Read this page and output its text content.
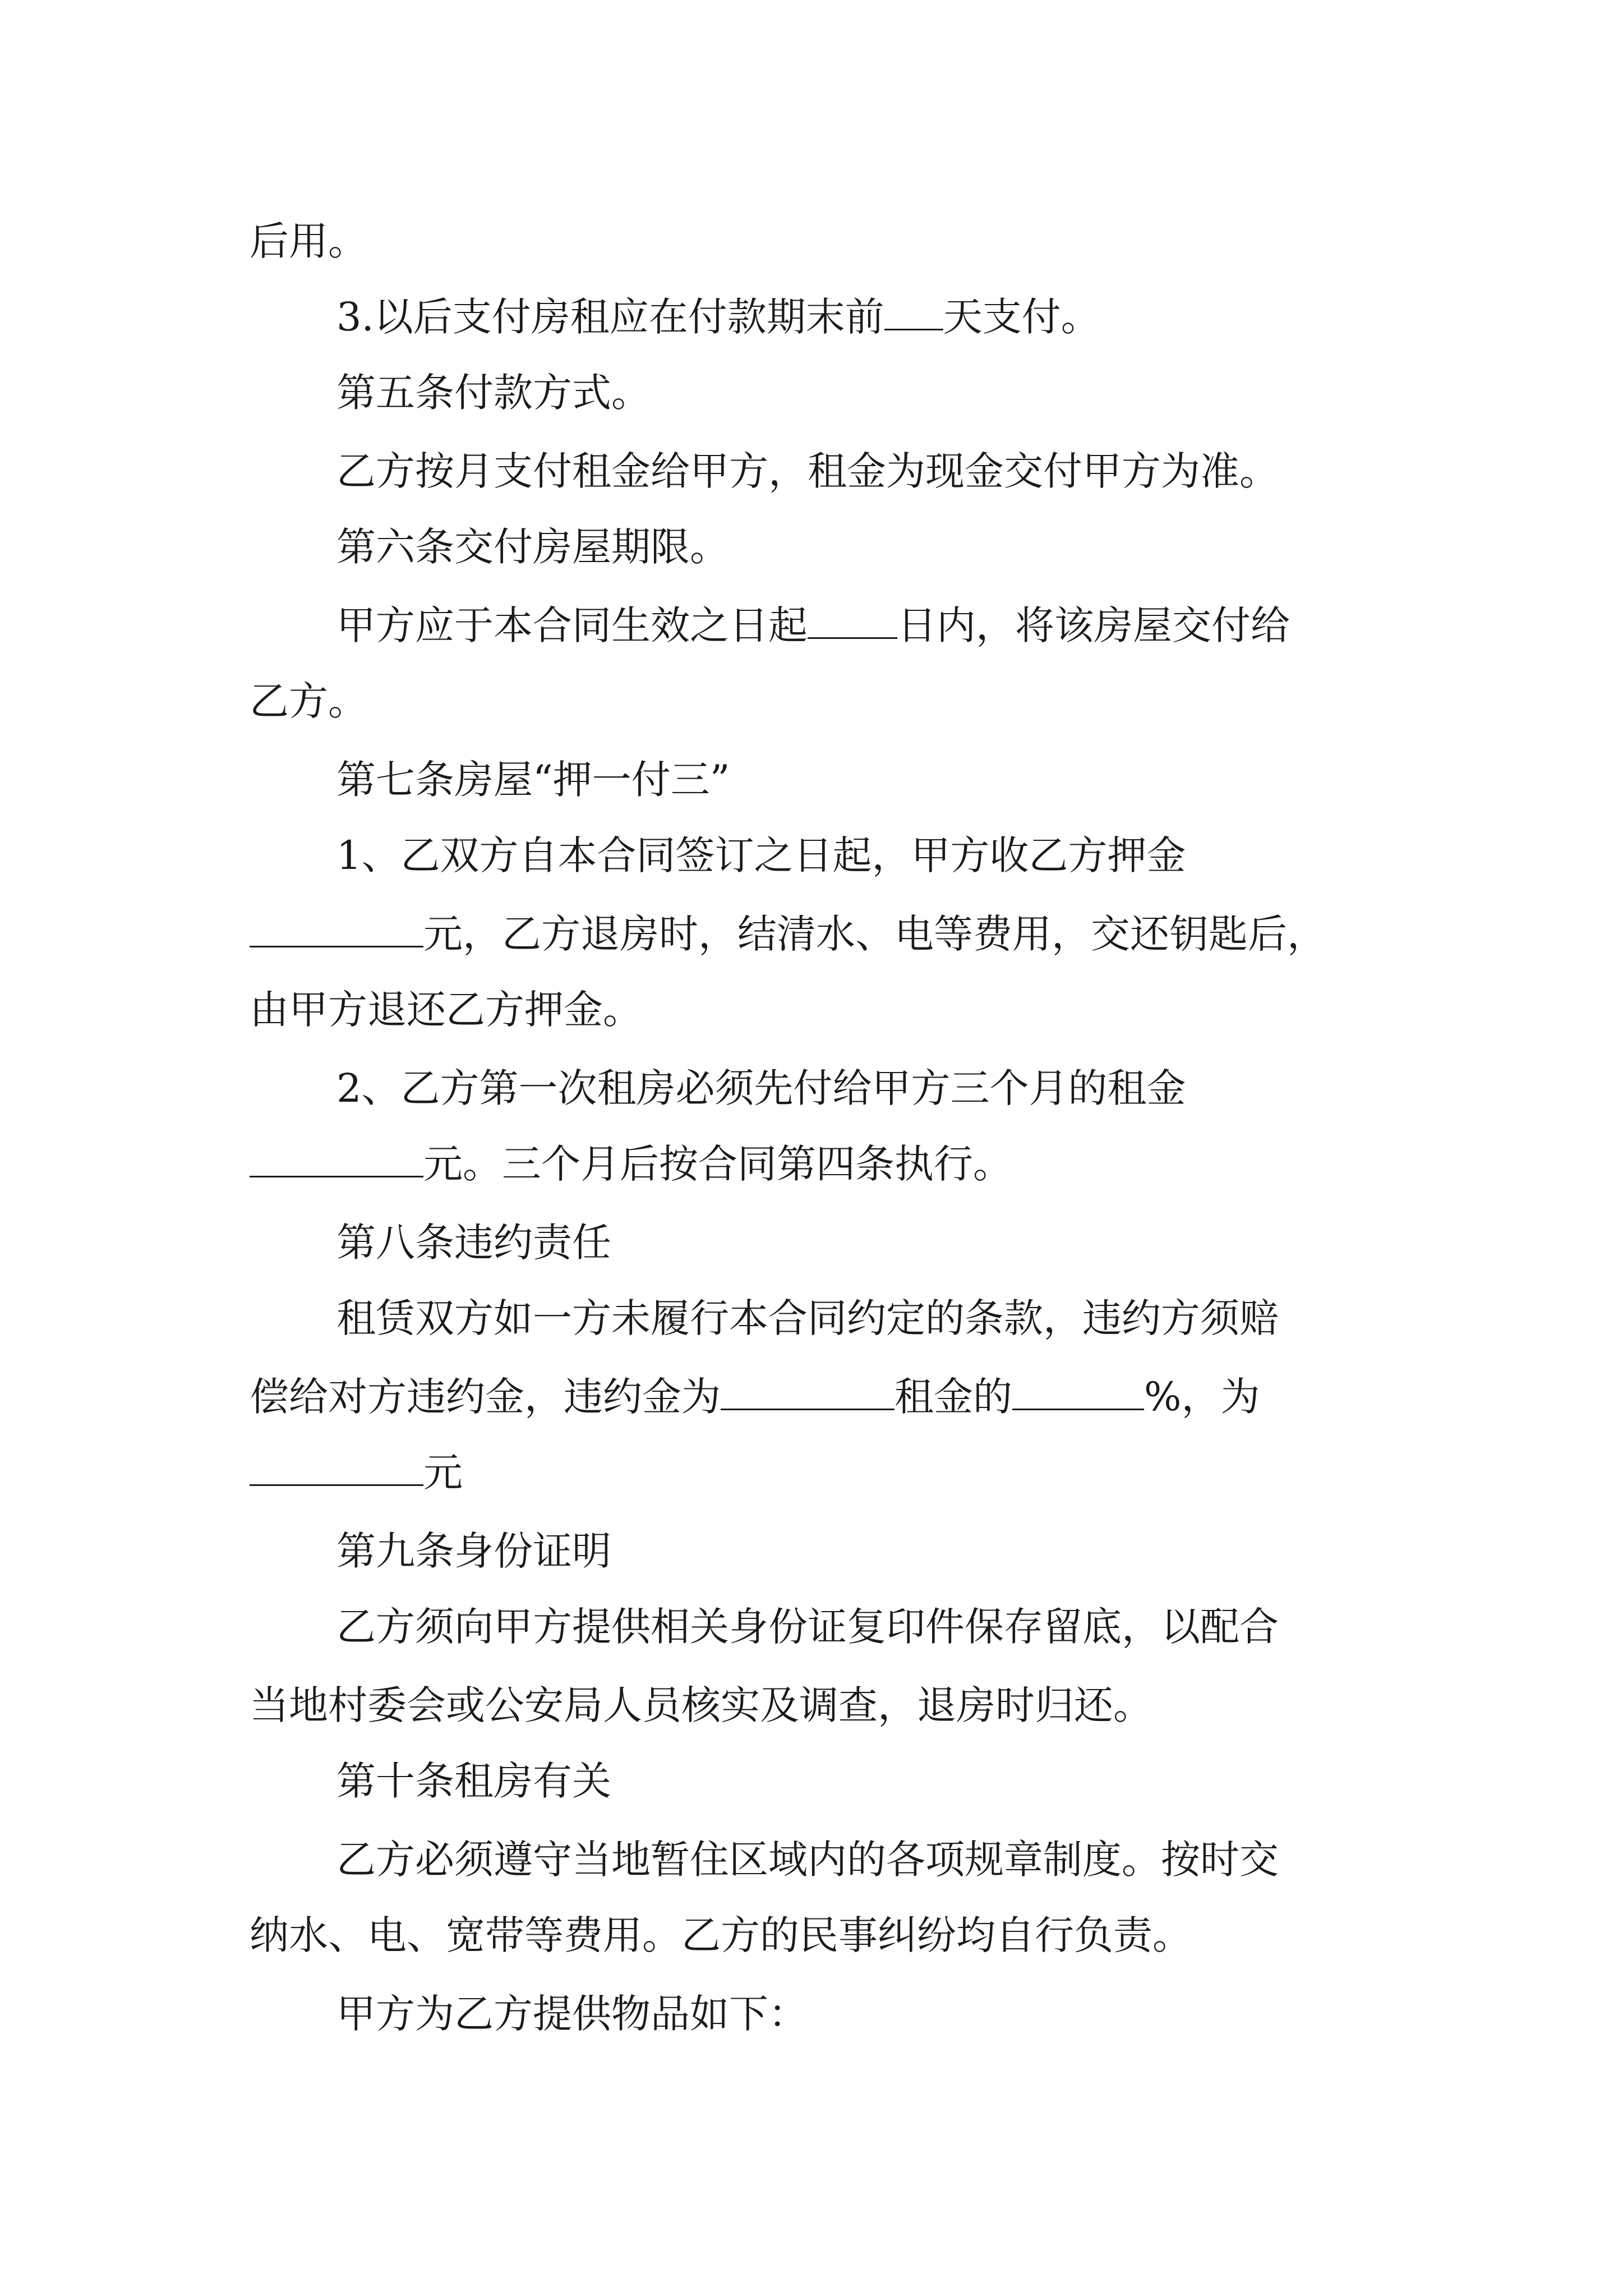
后用。

3.以后支付房租应在付款期末前 天支付。

第五条付款方式。

乙方按月支付租金给甲方，租金为现金交付甲方为准。

第六条交付房屋期限。

甲方应于本合同生效之日起 日内，将该房屋交付给

乙方。

第七条房屋“押一付三”

1、乙双方自本合同签订之日起，甲方收乙方押金

元，乙方退房时，结清水、电等费用，交还钥匙后，

由甲方退还乙方押金。

2、乙方第一次租房必须先付给甲方三个月的租金

元。三个月后按合同第四条执行。

第八条违约责任

租赁双方如一方未履行本合同约定的条款，违约方须赔

偿给对方违约金，违约金为	租金的	%，为

元

第九条身份证明

乙方须向甲方提供相关身份证复印件保存留底，以配合

当地村委会或公安局人员核实及调查，退房时归还。

第十条租房有关

乙方必须遵守当地暂住区域内的各项规章制度。按时交

纳水、电、宽带等费用。乙方的民事纠纷均自行负责。

甲方为乙方提供物品如下：
